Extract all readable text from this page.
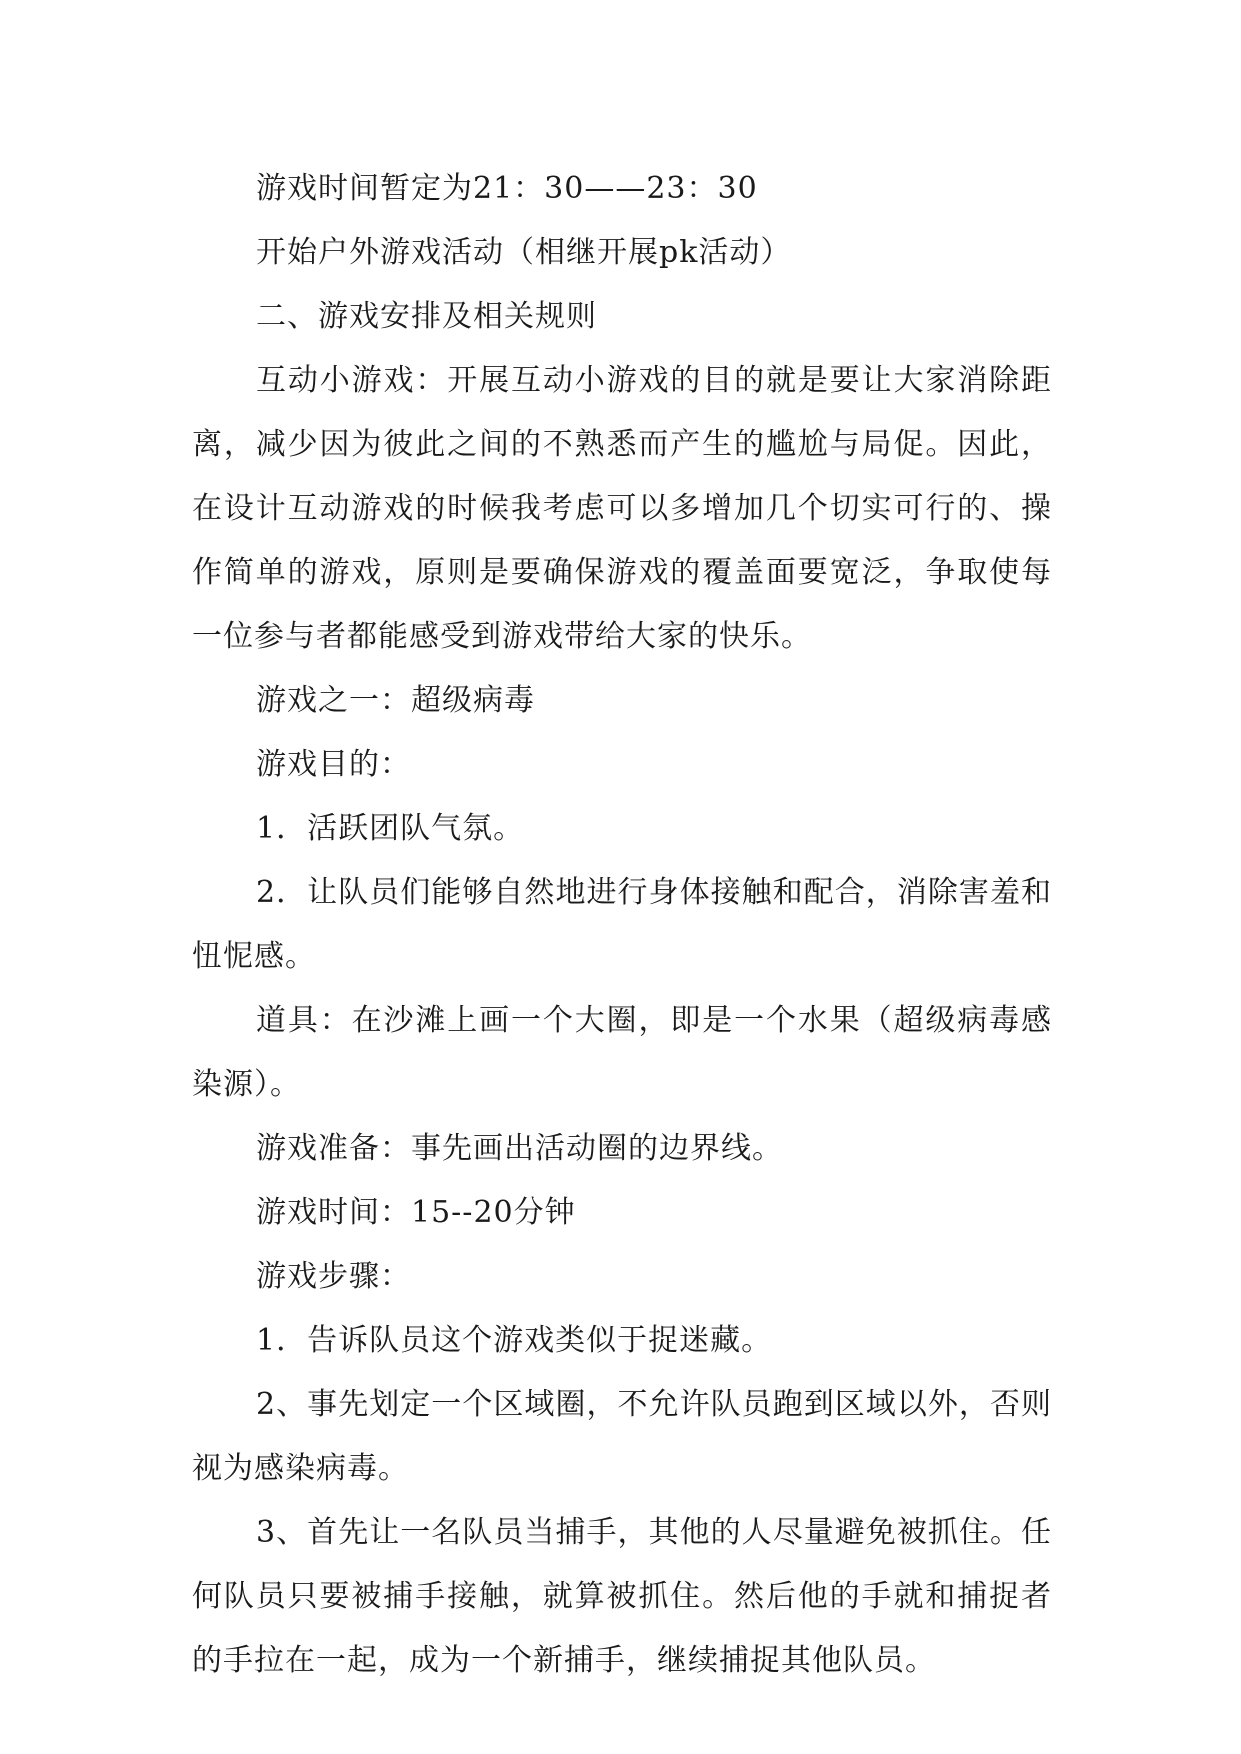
游戏时间暂定为21：30——23：30

开始户外游戏活动（相继开展pk活动）

二、游戏安排及相关规则

互动小游戏：开展互动小游戏的目的就是要让大家消除距离，减少因为彼此之间的不熟悉而产生的尴尬与局促。因此，在设计互动游戏的时候我考虑可以多增加几个切实可行的、操作简单的游戏，原则是要确保游戏的覆盖面要宽泛，争取使每一位参与者都能感受到游戏带给大家的快乐。

游戏之一：超级病毒

游戏目的：

1．活跃团队气氛。

2．让队员们能够自然地进行身体接触和配合，消除害羞和忸怩感。

道具：在沙滩上画一个大圈，即是一个水果（超级病毒感染源）。

游戏准备：事先画出活动圈的边界线。

游戏时间：15--20分钟

游戏步骤：

1．告诉队员这个游戏类似于捉迷藏。

2、事先划定一个区域圈，不允许队员跑到区域以外，否则视为感染病毒。

3、首先让一名队员当捕手，其他的人尽量避免被抓住。任何队员只要被捕手接触，就算被抓住。然后他的手就和捕捉者的手拉在一起，成为一个新捕手，继续捕捉其他队员。
